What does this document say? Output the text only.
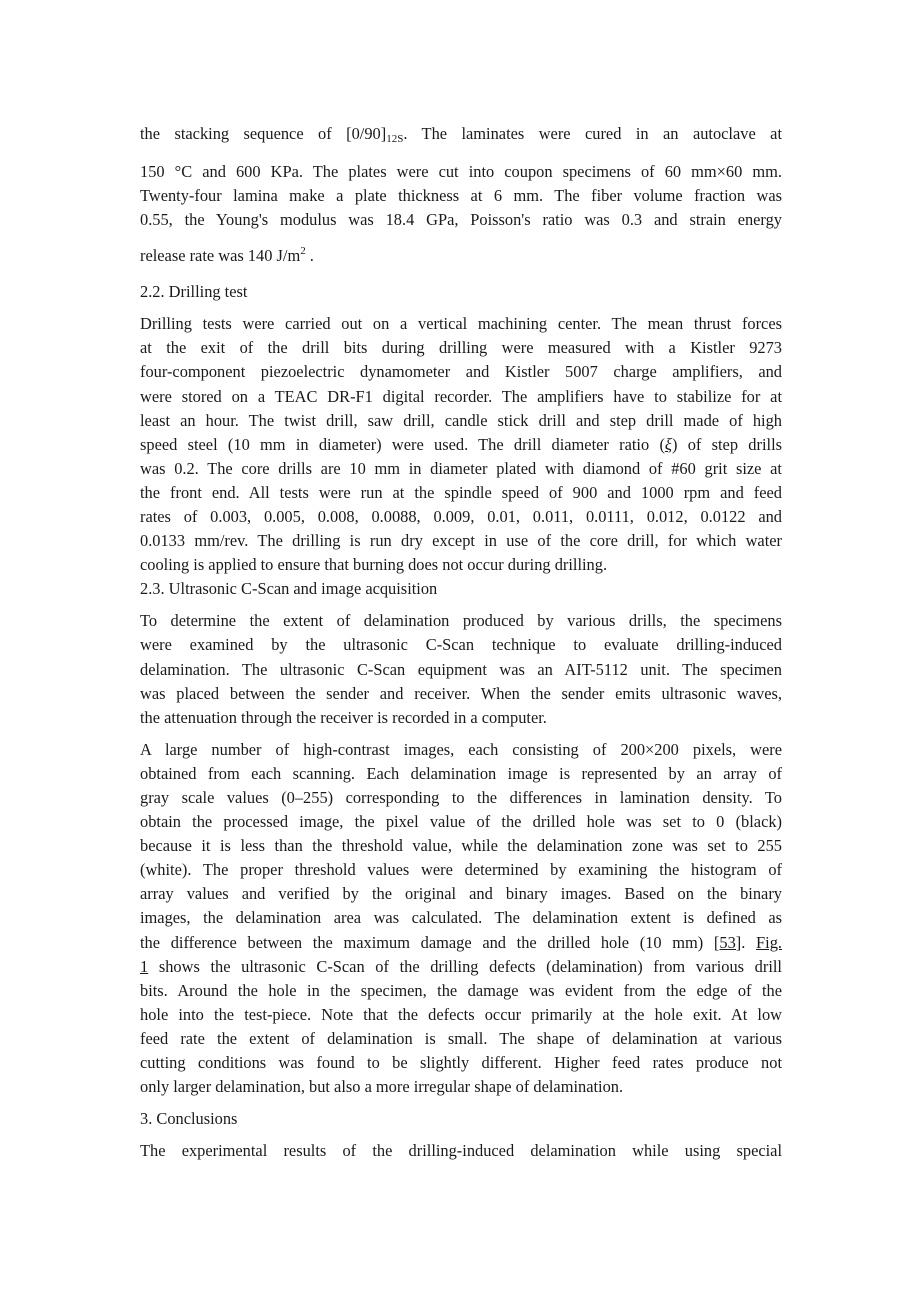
the stacking sequence of $[0/90]_{12S}$. The laminates were cured in an autoclave at
150 °C and 600 KPa. The plates were cut into coupon specimens of 60 mm×60 mm.
Twenty-four lamina make a plate thickness at 6 mm. The fiber volume fraction was
0.55, the Young's modulus was 18.4 GPa, Poisson's ratio was 0.3 and strain energy
release rate was 140 $J/m^2$ .
2.2. Drilling test
Drilling tests were carried out on a vertical machining center. The mean thrust forces
at the exit of the drill bits during drilling were measured with a Kistler 9273
four-component piezoelectric dynamometer and Kistler 5007 charge amplifiers, and
were stored on a TEAC DR-F1 digital recorder. The amplifiers have to stabilize for at
least an hour. The twist drill, saw drill, candle stick drill and step drill made of high
speed steel (10 mm in diameter) were used. The drill diameter ratio (ξ) of step drills
was 0.2. The core drills are 10 mm in diameter plated with diamond of #60 grit size at
the front end. All tests were run at the spindle speed of 900 and 1000 rpm and feed
rates of 0.003, 0.005, 0.008, 0.0088, 0.009, 0.01, 0.011, 0.0111, 0.012, 0.0122 and
0.0133 mm/rev. The drilling is run dry except in use of the core drill, for which water
cooling is applied to ensure that burning does not occur during drilling.
2.3. Ultrasonic C-Scan and image acquisition
To determine the extent of delamination produced by various drills, the specimens
were examined by the ultrasonic C-Scan technique to evaluate drilling-induced
delamination. The ultrasonic C-Scan equipment was an AIT-5112 unit. The specimen
was placed between the sender and receiver. When the sender emits ultrasonic waves,
the attenuation through the receiver is recorded in a computer.
A large number of high-contrast images, each consisting of 200×200 pixels, were
obtained from each scanning. Each delamination image is represented by an array of
gray scale values (0–255) corresponding to the differences in lamination density. To
obtain the processed image, the pixel value of the drilled hole was set to 0 (black)
because it is less than the threshold value, while the delamination zone was set to 255
(white). The proper threshold values were determined by examining the histogram of
array values and verified by the original and binary images. Based on the binary
images, the delamination area was calculated. The delamination extent is defined as
the difference between the maximum damage and the drilled hole (10 mm) [53]. Fig.
1 shows the ultrasonic C-Scan of the drilling defects (delamination) from various drill
bits. Around the hole in the specimen, the damage was evident from the edge of the
hole into the test-piece. Note that the defects occur primarily at the hole exit. At low
feed rate the extent of delamination is small. The shape of delamination at various
cutting conditions was found to be slightly different. Higher feed rates produce not
only larger delamination, but also a more irregular shape of delamination.
3. Conclusions
The experimental results of the drilling-induced delamination while using special
